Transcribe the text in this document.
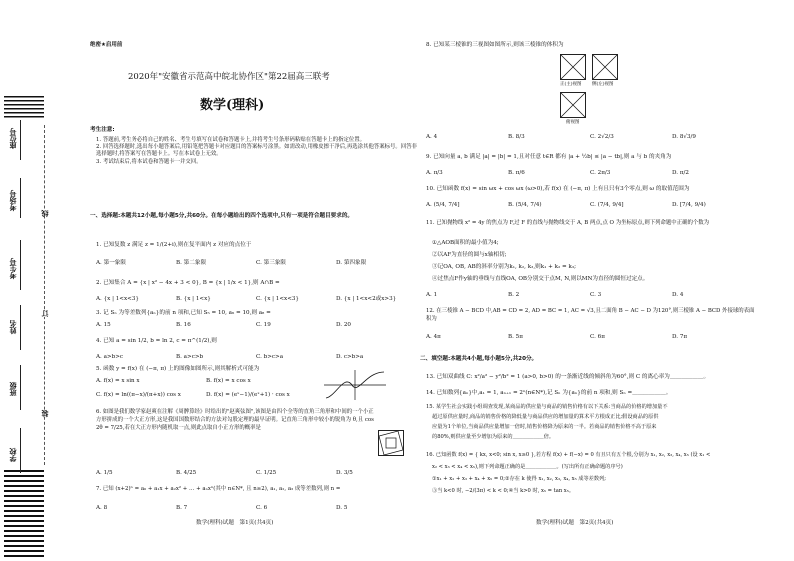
座位号
考场号
考生号
姓名
班级
学校
线
订
装
绝密★启用前
2020年"安徽省示范高中皖北协作区"第22届高三联考
数学(理科)
考生注意:
1. 答题前,考生务必将自己的姓名、考生号填写在试卷和答题卡上,并将考生号条形码粘贴在答题卡上的指定位置。
2. 回答选择题时,选出每小题答案后,用铅笔把答题卡对应题目的答案标号涂黑。如需改动,用橡皮擦干净后,再选涂其他答案标号。回答非选择题时,将答案写在答题卡上。写在本试卷上无效。
3. 考试结束后,将本试卷和答题卡一并交回。
一、选择题:本题共12小题,每小题5分,共60分。在每小题给出的四个选项中,只有一项是符合题目要求的。
1. 已知复数 z 满足 z = 1/(2+i),则在复平面内 z 对应的点位于
A. 第一象限	B. 第二象限	C. 第三象限	D. 第四象限
2. 已知集合 A = {x | x² − 4x + 3 < 0}, B = {x | 1/x < 1},则 A∩B =
A. {x | 1<x<3}	B. {x | 1<x}	C. {x | 1<x<3}	D. {x | 1<x<2或x>3}
3. 记 Sₙ 为等差数列{aₙ}的前 n 项和,已知 S₅ = 10, a₆ = 10,则 a₈ =
A. 15	B. 16	C. 19	D. 20
4. 已知 a = sin 1/2, b = ln 2, c = π^(1/2),则
A. a>b>c	B. a>c>b	C. b>c>a	D. c>b>a
5. 函数 y = f(x) 在 (−π, π) 上的图像如图所示,则其解析式可能为
A. f(x) = x sin x	B. f(x) = x cos x
C. f(x) = ln((π−x)/(π+x)) cos x	D. f(x) = (eˣ−1)/(eˣ+1) · cos x
6. 如图是我们数学家赵爽在注解《周髀算经》时给出的"赵爽弦图",该图是由四个全等的直角三角形和中间的一个小正方形拼成的一个大正方形,这是我国国数形结合的方法对勾股定理的最早证明。记直角三角形中较小的锐角为 θ,且 cos 2θ = 7/25,若在大正方形内随机取一点,则此点取自小正方形的概率是
A. 1/5	B. 4/25	C. 1/25	D. 3/5
7. 已知 (x+2)ⁿ = a₀ + a₁x + a₂x² + … + aₙxⁿ(其中 n∈N*, 且 n≥2), a₁, a₂, a₃ 成等差数列,则 n =
A. 8	B. 7	C. 6	D. 5
数学(理科)试题　第1页(共4页)
8. 已知某三棱锥的三视图如图所示,则该三棱锥的体积为
正(主)视图 侧(左)视图
俯视图
A. 4	B. 8/3	C. 2√2/3	D. 8√3/9
9. 已知向量 a, b 满足 |a| = |b| = 1,且对任意 t∈R 都有 |a + ½b| ≤ |a − tb|,则 a 与 b 的夹角为
A. π/3	B. π/6	C. 2π/3	D. π/2
10. 已知函数 f(x) = sin ωx + cos ωx (ω>0),若 f(x) 在 (−π, π) 上有且只有3个零点,则 ω 的取值范围为
A. (5/4, 7/4]	B. (5/4, 7/4)	C. (7/4, 9/4]	D. [7/4, 9/4)
11. 已知抛物线 x² = 4y 的焦点为 F,过 F 的直线与抛物线交于 A, B 两点,点 O 为坐标原点,则下列命题中正确的个数为
①△AOB面积的最小值为4;
②以AF为直径的圆与x轴相切;
③记OA, OB, AB的斜率分别为k₁, k₂, k₃,则k₁ + k₂ = k₃;
④过焦点F作y轴的垂线与直线OA, OB分别交于点M, N,则以MN为直径的圆恒过定点。
A. 1	B. 2	C. 3	D. 4
12. 在三棱锥 A − BCD 中,AB = CD = 2, AD = BC = 1, AC = √3,且二面角 B − AC − D 为120°,则三棱锥 A − BCD 外接球的表面积为
A. 4π	B. 5π	C. 6π	D. 7π
二、填空题:本题共4小题,每小题5分,共20分。
13. 已知双曲线 C: x²/a² − y²/b² = 1 (a>0, b>0) 的一条渐近线的倾斜角为60°,则 C 的离心率为＿＿＿＿＿＿。
14. 已知数列{aₙ}中,a₁ = 1, aₙ₊₁ = 2ⁿ(n∈N*),记 Sₙ 为{aₙ}的前 n 项和,则 Sₙ =＿＿＿＿＿＿。
15. 某学生社会实践小组调查发现,某商品的供应量与商品的销售价格有以下关系:当商品的价格的增加量不
超过原供应量时,商品的销售价格的降低量与商品供应的增加量的算术平方根成正比;假设商品的原供
应量为1个单位,当商品供应量增加一倍时,销售价格降为原来的一半。若商品的销售价格不高于原来
的80%,则供应量至少增加为原来的＿＿＿＿＿＿倍。
16. 已知函数 f(x) = { kx, x<0; sin x, x≥0 },若方程 f(x) + f(−x) = 0 有且只有五个根,分别为 x₁, x₂, x₃, x₄, x₅ (设 x₁ <
x₂ < x₃ < x₄ < x₅),则下列命题正确的是＿＿＿＿＿＿。(写出所有正确命题的序号)
①x₁ + x₂ + x₃ + x₄ + x₅ = 0;②存在 k 使得 x₁, x₂, x₃, x₄, x₅ 成等差数列;
③当 k<0 时, −2/(3π) < k < 0;④当 k>0 时, x₅ = tan x₅。
数学(理科)试题　第2页(共4页)
